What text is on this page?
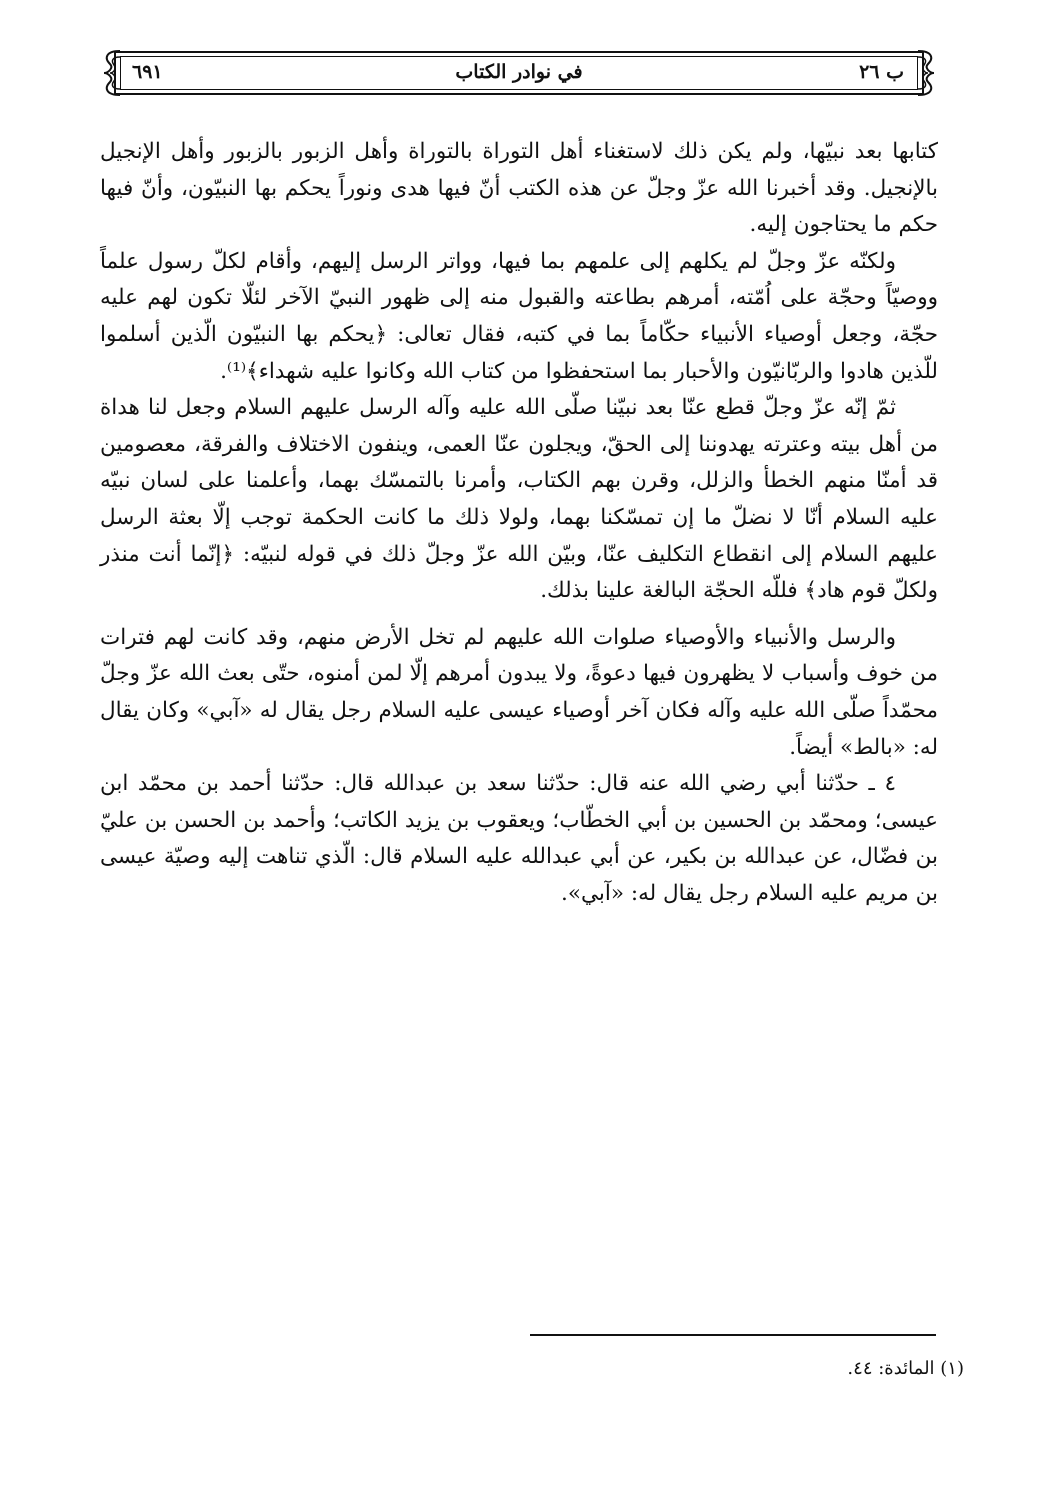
٦٩١	في نوادر الكتاب	ب ٢٦

كتابها بعد نبيّها، ولم يكن ذلك لاستغناء أهل التوراة بالتوراة وأهل الزبور بالزبور وأهل الإنجيل بالإنجيل. وقد أخبرنا الله عزّ وجلّ عن هذه الكتب أنّ فيها هدى ونوراً يحكم بها النبيّون، وأنّ فيها حكم ما يحتاجون إليه.

ولكنّه عزّ وجلّ لم يكلهم إلى علمهم بما فيها، وواتر الرسل إليهم، وأقام لكلّ رسول علماً ووصيّاً وحجّة على اُمّته، أمرهم بطاعته والقبول منه إلى ظهور النبيّ الآخر لئلّا تكون لهم عليه حجّة، وجعل أوصياء الأنبياء حكّاماً بما في كتبه، فقال تعالى: ﴿يحكم بها النبيّون الّذين أسلموا للّذين هادوا والربّانيّون والأحبار بما استحفظوا من كتاب الله وكانوا عليه شهداء﴾⁽¹⁾.

ثمّ إنّه عزّ وجلّ قطع عنّا بعد نبيّنا صلّى الله عليه وآله الرسل عليهم السلام وجعل لنا هداة من أهل بيته وعترته يهدوننا إلى الحقّ، ويجلون عنّا العمى، وينفون الاختلاف والفرقة، معصومين قد أمنّا منهم الخطأ والزلل، وقرن بهم الكتاب، وأمرنا بالتمسّك بهما، وأعلمنا على لسان نبيّه عليه السلام أنّا لا نضلّ ما إن تمسّكنا بهما، ولولا ذلك ما كانت الحكمة توجب إلّا بعثة الرسل عليهم السلام إلى انقطاع التكليف عنّا، وبيّن الله عزّ وجلّ ذلك في قوله لنبيّه: ﴿إنّما أنت منذر ولكلّ قوم هاد﴾ فللّه الحجّة البالغة علينا بذلك.

والرسل والأنبياء والأوصياء صلوات الله عليهم لم تخل الأرض منهم، وقد كانت لهم فترات من خوف وأسباب لا يظهرون فيها دعوةً، ولا يبدون أمرهم إلّا لمن أمنوه، حتّى بعث الله عزّ وجلّ محمّداً صلّى الله عليه وآله فكان آخر أوصياء عيسى عليه السلام رجل يقال له «آبي» وكان يقال له: «بالط» أيضاً.

٤ ـ حدّثنا أبي رضي الله عنه قال: حدّثنا سعد بن عبدالله قال: حدّثنا أحمد بن محمّد ابن عيسى؛ ومحمّد بن الحسين بن أبي الخطّاب؛ ويعقوب بن يزيد الكاتب؛ وأحمد بن الحسن بن عليّ بن فضّال، عن عبدالله بن بكير، عن أبي عبدالله عليه السلام قال: الّذي تناهت إليه وصيّة عيسى بن مريم عليه السلام رجل يقال له: «آبي».

(١) المائدة: ٤٤.
